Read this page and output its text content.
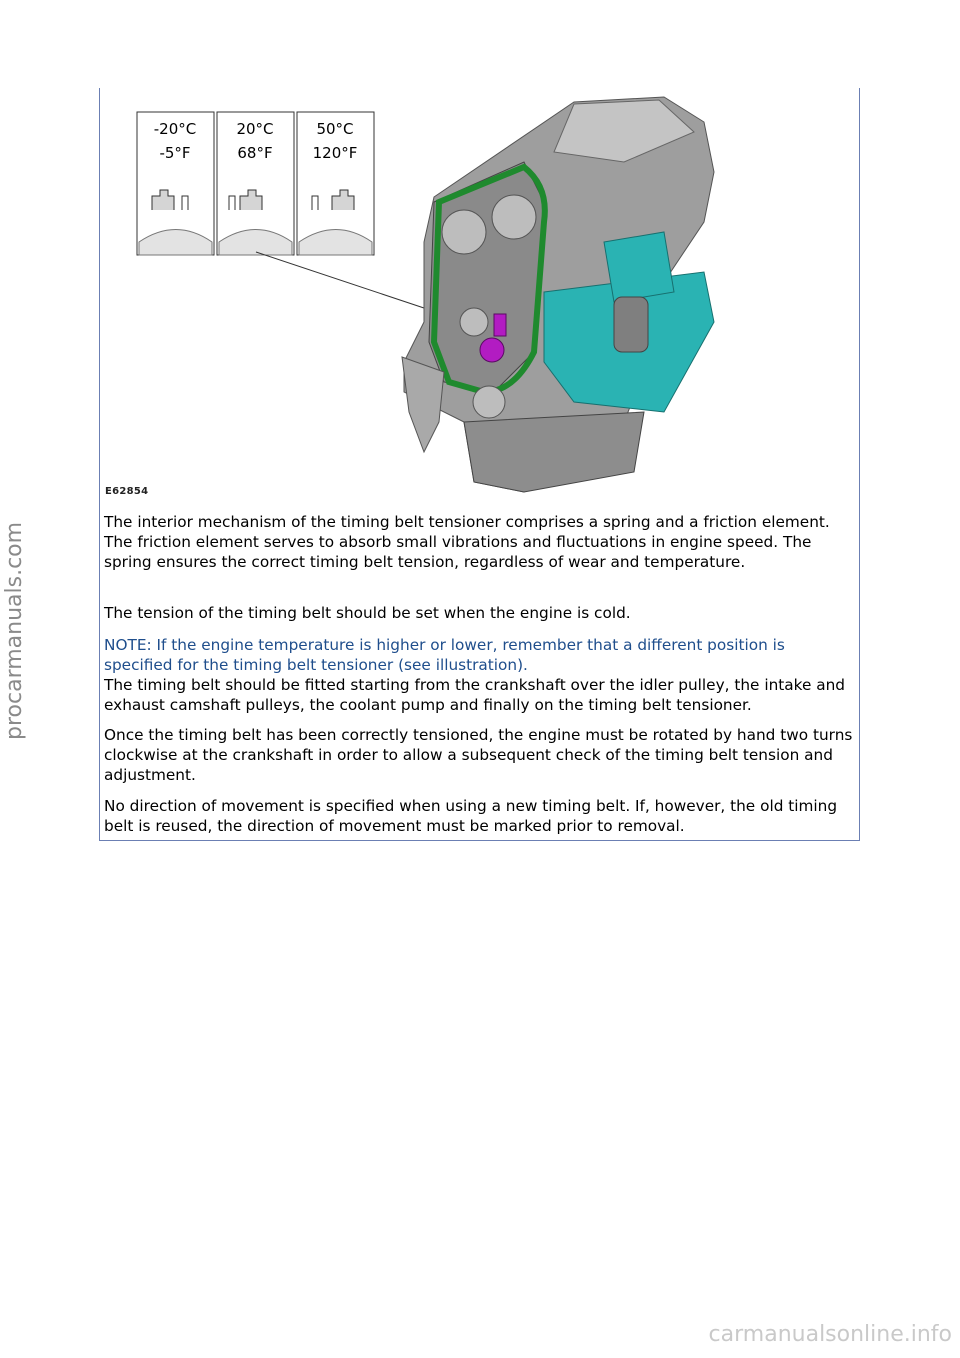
-20°C
-5°F
20°C
68°F
50°C
120°F
E62854

The interior mechanism of the timing belt tensioner comprises a spring and a friction element. The friction element serves to absorb small vibrations and fluctuations in engine speed. The spring ensures the correct timing belt tension, regardless of wear and temperature.

The tension of the timing belt should be set when the engine is cold.

NOTE: If the engine temperature is higher or lower, remember that a different position is specified for the timing belt tensioner (see illustration).

The timing belt should be fitted starting from the crankshaft over the idler pulley, the intake and exhaust camshaft pulleys, the coolant pump and finally on the timing belt tensioner.

Once the timing belt has been correctly tensioned, the engine must be rotated by hand two turns clockwise at the crankshaft in order to allow a subsequent check of the timing belt tension and adjustment.

No direction of movement is specified when using a new timing belt. If, however, the old timing belt is reused, the direction of movement must be marked prior to removal.

procarmanuals.com
carmanualsonline.info
